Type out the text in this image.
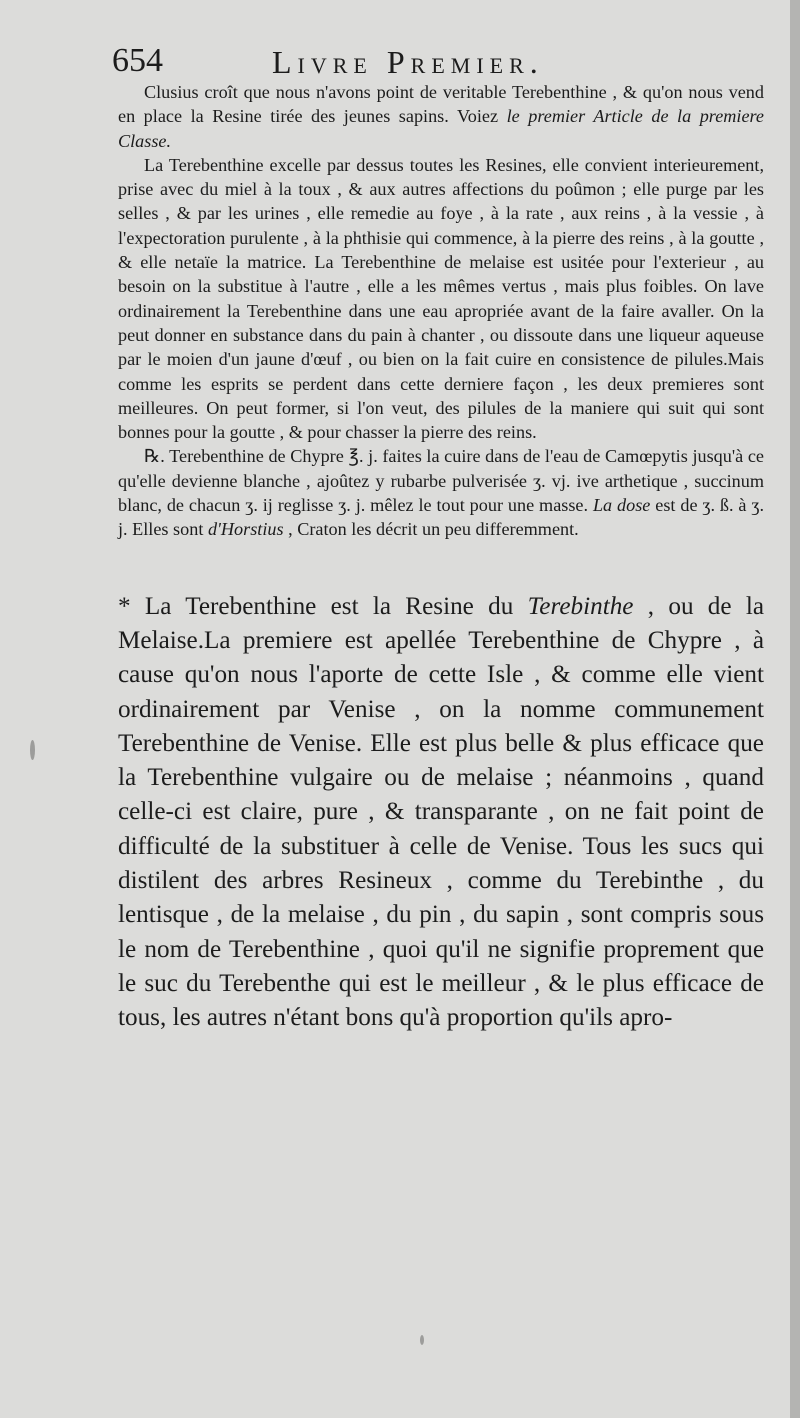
654	Livre Premier.

Clusius croît que nous n'avons point de veritable Terebenthine , & qu'on nous vend en place la Resine tirée des jeunes sapins. Voiez le premier Article de la premiere Classe.

La Terebenthine excelle par dessus toutes les Resines, elle convient interieurement, prise avec du miel à la toux , & aux autres affections du poûmon ; elle purge par les selles , & par les urines , elle remedie au foye , à la rate , aux reins , à la vessie , à l'expectoration purulente , à la phthisie qui commence, à la pierre des reins , à la goutte , & elle netaïe la matrice. La Terebenthine de melaise est usitée pour l'exterieur , au besoin on la substitue à l'autre , elle a les mêmes vertus , mais plus foibles. On lave ordinairement la Terebenthine dans une eau apropriée avant de la faire avaller. On la peut donner en substance dans du pain à chanter , ou dissoute dans une liqueur aqueuse par le moien d'un jaune d'œuf , ou bien on la fait cuire en consistence de pilules.Mais comme les esprits se perdent dans cette derniere façon , les deux premieres sont meilleures. On peut former, si l'on veut, des pilules de la maniere qui suit qui sont bonnes pour la goutte , & pour chasser la pierre des reins.

℞. Terebenthine de Chypre ℥. j. faites la cuire dans de l'eau de Camœpytis jusqu'à ce qu'elle devienne blanche , ajoûtez y rubarbe pulverisée ʒ. vj. ive arthetique , succinum blanc, de chacun ʒ. ij reglisse ʒ. j. mêlez le tout pour une masse. La dose est de ʒ. ß. à ʒ. j. Elles sont d'Horstius , Craton les décrit un peu differemment.

* La Terebenthine est la Resine du Terebinthe , ou de la Melaise.La premiere est apellée Terebenthine de Chypre , à cause qu'on nous l'aporte de cette Isle , & comme elle vient ordinairement par Venise , on la nomme communement Terebenthine de Venise. Elle est plus belle & plus efficace que la Terebenthine vulgaire ou de melaise ; néanmoins , quand celle-ci est claire, pure , & transparante , on ne fait point de difficulté de la substituer à celle de Venise. Tous les sucs qui distilent des arbres Resineux , comme du Terebinthe , du lentisque , de la melaise , du pin , du sapin , sont compris sous le nom de Terebenthine , quoi qu'il ne signifie proprement que le suc du Terebenthe qui est le meilleur , & le plus efficace de tous, les autres n'étant bons qu'à proportion qu'ils apro-
